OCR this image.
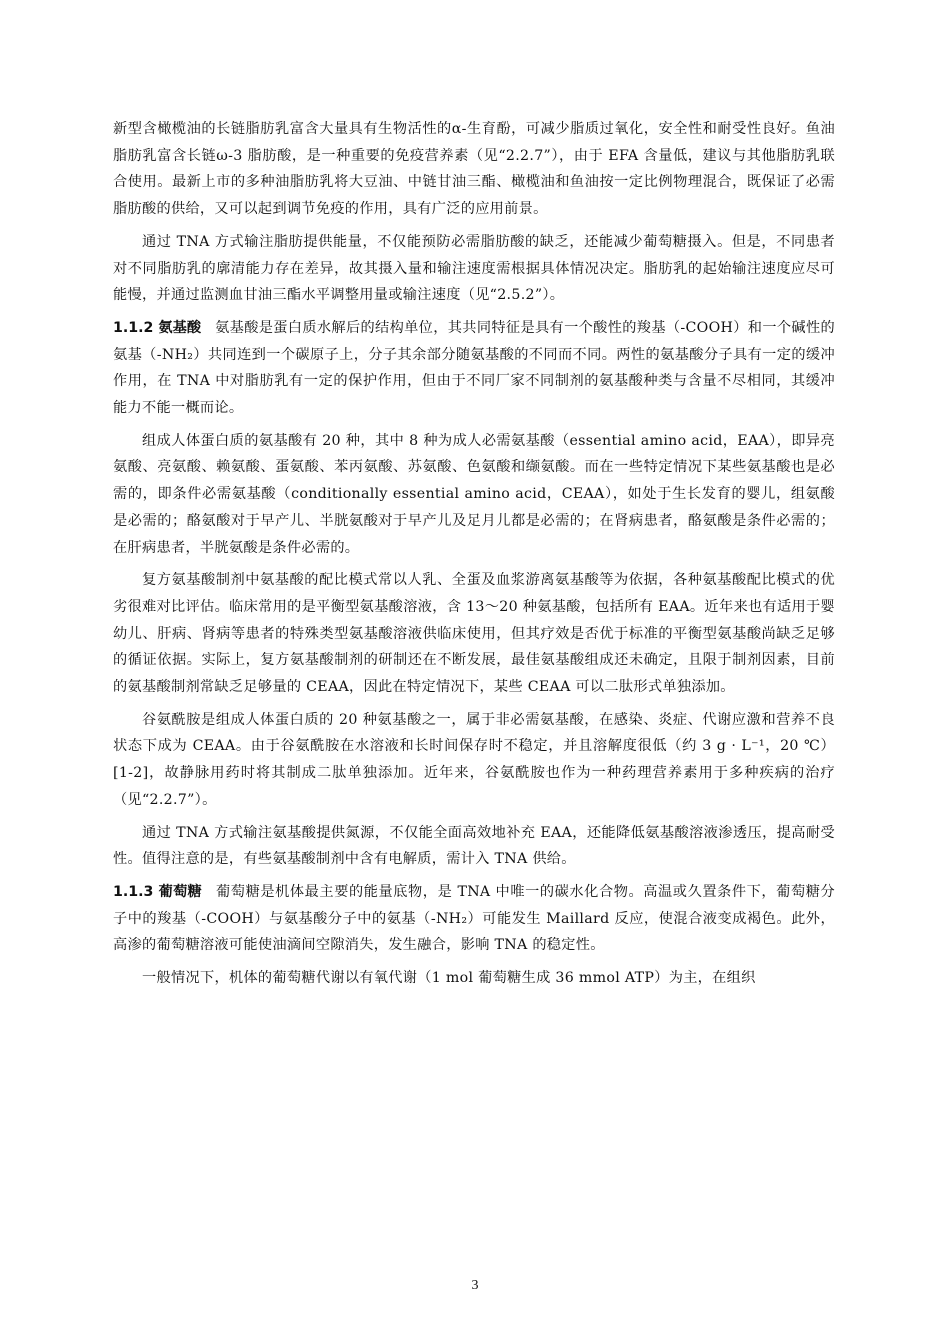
新型含橄榄油的长链脂肪乳富含大量具有生物活性的α-生育酚，可减少脂质过氧化，安全性和耐受性良好。鱼油脂肪乳富含长链ω-3 脂肪酸，是一种重要的免疫营养素（见“2.2.7”），由于 EFA 含量低，建议与其他脂肪乳联合使用。最新上市的多种油脂肪乳将大豆油、中链甘油三酯、橄榄油和鱼油按一定比例物理混合，既保证了必需脂肪酸的供给，又可以起到调节免疫的作用，具有广泛的应用前景。

通过 TNA 方式输注脂肪提供能量，不仅能预防必需脂肪酸的缺乏，还能减少葡萄糖摄入。但是，不同患者对不同脂肪乳的廓清能力存在差异，故其摄入量和输注速度需根据具体情况决定。脂肪乳的起始输注速度应尽可能慢，并通过监测血甘油三酯水平调整用量或输注速度（见“2.5.2”）。

1.1.2 氨基酸 氨基酸是蛋白质水解后的结构单位，其共同特征是具有一个酸性的羧基（-COOH）和一个碱性的氨基（-NH₂）共同连到一个碳原子上，分子其余部分随氨基酸的不同而不同。两性的氨基酸分子具有一定的缓冲作用，在 TNA 中对脂肪乳有一定的保护作用，但由于不同厂家不同制剂的氨基酸种类与含量不尽相同，其缓冲能力不能一概而论。

组成人体蛋白质的氨基酸有 20 种，其中 8 种为成人必需氨基酸（essential amino acid，EAA），即异亮氨酸、亮氨酸、赖氨酸、蛋氨酸、苯丙氨酸、苏氨酸、色氨酸和缬氨酸。而在一些特定情况下某些氨基酸也是必需的，即条件必需氨基酸（conditionally essential amino acid，CEAA），如处于生长发育的婴儿，组氨酸是必需的；酪氨酸对于早产儿、半胱氨酸对于早产儿及足月儿都是必需的；在肾病患者，酪氨酸是条件必需的；在肝病患者，半胱氨酸是条件必需的。

复方氨基酸制剂中氨基酸的配比模式常以人乳、全蛋及血浆游离氨基酸等为依据，各种氨基酸配比模式的优劣很难对比评估。临床常用的是平衡型氨基酸溶液，含 13～20 种氨基酸，包括所有 EAA。近年来也有适用于婴幼儿、肝病、肾病等患者的特殊类型氨基酸溶液供临床使用，但其疗效是否优于标准的平衡型氨基酸尚缺乏足够的循证依据。实际上，复方氨基酸制剂的研制还在不断发展，最佳氨基酸组成还未确定，且限于制剂因素，目前的氨基酸制剂常缺乏足够量的 CEAA，因此在特定情况下，某些 CEAA 可以二肽形式单独添加。

谷氨酰胺是组成人体蛋白质的 20 种氨基酸之一，属于非必需氨基酸，在感染、炎症、代谢应激和营养不良状态下成为 CEAA。由于谷氨酰胺在水溶液和长时间保存时不稳定，并且溶解度很低（约 3 g · L⁻¹，20 ℃）[1-2]，故静脉用药时将其制成二肽单独添加。近年来，谷氨酰胺也作为一种药理营养素用于多种疾病的治疗（见“2.2.7”）。

通过 TNA 方式输注氨基酸提供氮源，不仅能全面高效地补充 EAA，还能降低氨基酸溶液渗透压，提高耐受性。值得注意的是，有些氨基酸制剂中含有电解质，需计入 TNA 供给。

1.1.3 葡萄糖 葡萄糖是机体最主要的能量底物，是 TNA 中唯一的碳水化合物。高温或久置条件下，葡萄糖分子中的羧基（-COOH）与氨基酸分子中的氨基（-NH₂）可能发生 Maillard 反应，使混合液变成褐色。此外，高渗的葡萄糖溶液可能使油滴间空隙消失，发生融合，影响 TNA 的稳定性。

一般情况下，机体的葡萄糖代谢以有氧代谢（1 mol 葡萄糖生成 36 mmol ATP）为主，在组织

3
